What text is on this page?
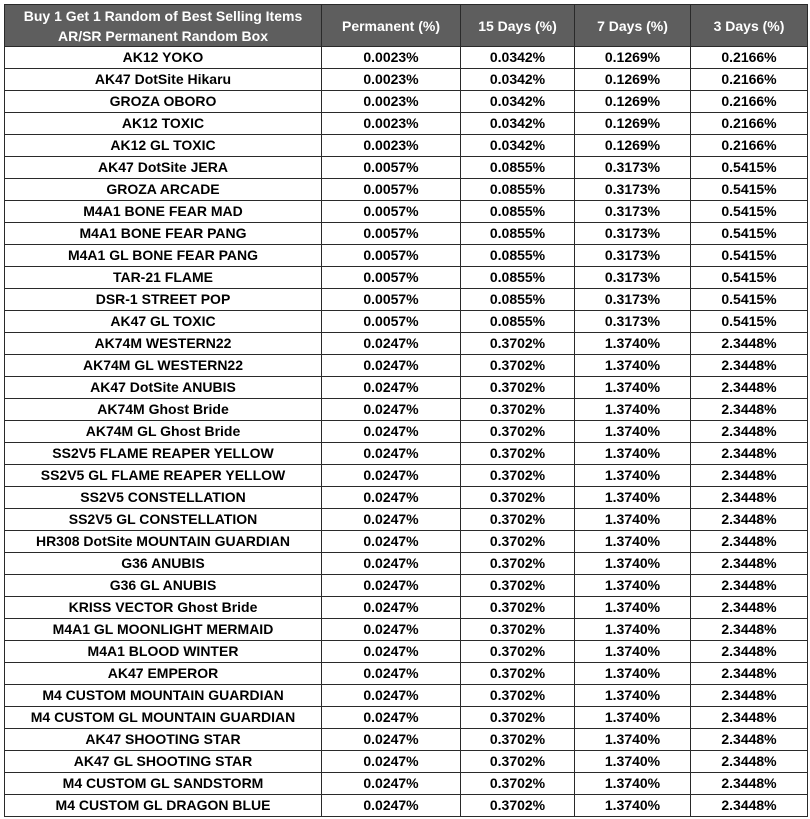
Buy 1 Get 1 Random of Best Selling Items
AR/SR Permanent Random Box	Permanent (%)	15 Days (%)	7 Days (%)	3 Days (%)
AK12 YOKO	0.0023%	0.0342%	0.1269%	0.2166%
AK47 DotSite Hikaru	0.0023%	0.0342%	0.1269%	0.2166%
GROZA OBORO	0.0023%	0.0342%	0.1269%	0.2166%
AK12 TOXIC	0.0023%	0.0342%	0.1269%	0.2166%
AK12 GL TOXIC	0.0023%	0.0342%	0.1269%	0.2166%
AK47 DotSite JERA	0.0057%	0.0855%	0.3173%	0.5415%
GROZA ARCADE	0.0057%	0.0855%	0.3173%	0.5415%
M4A1 BONE FEAR MAD	0.0057%	0.0855%	0.3173%	0.5415%
M4A1 BONE FEAR PANG	0.0057%	0.0855%	0.3173%	0.5415%
M4A1 GL BONE FEAR PANG	0.0057%	0.0855%	0.3173%	0.5415%
TAR-21 FLAME	0.0057%	0.0855%	0.3173%	0.5415%
DSR-1 STREET POP	0.0057%	0.0855%	0.3173%	0.5415%
AK47 GL TOXIC	0.0057%	0.0855%	0.3173%	0.5415%
AK74M WESTERN22	0.0247%	0.3702%	1.3740%	2.3448%
AK74M GL WESTERN22	0.0247%	0.3702%	1.3740%	2.3448%
AK47 DotSite ANUBIS	0.0247%	0.3702%	1.3740%	2.3448%
AK74M Ghost Bride	0.0247%	0.3702%	1.3740%	2.3448%
AK74M GL Ghost Bride	0.0247%	0.3702%	1.3740%	2.3448%
SS2V5 FLAME REAPER YELLOW	0.0247%	0.3702%	1.3740%	2.3448%
SS2V5 GL FLAME REAPER YELLOW	0.0247%	0.3702%	1.3740%	2.3448%
SS2V5 CONSTELLATION	0.0247%	0.3702%	1.3740%	2.3448%
SS2V5 GL CONSTELLATION	0.0247%	0.3702%	1.3740%	2.3448%
HR308 DotSite MOUNTAIN GUARDIAN	0.0247%	0.3702%	1.3740%	2.3448%
G36 ANUBIS	0.0247%	0.3702%	1.3740%	2.3448%
G36 GL ANUBIS	0.0247%	0.3702%	1.3740%	2.3448%
KRISS VECTOR Ghost Bride	0.0247%	0.3702%	1.3740%	2.3448%
M4A1 GL MOONLIGHT MERMAID	0.0247%	0.3702%	1.3740%	2.3448%
M4A1 BLOOD WINTER	0.0247%	0.3702%	1.3740%	2.3448%
AK47 EMPEROR	0.0247%	0.3702%	1.3740%	2.3448%
M4 CUSTOM MOUNTAIN GUARDIAN	0.0247%	0.3702%	1.3740%	2.3448%
M4 CUSTOM GL MOUNTAIN GUARDIAN	0.0247%	0.3702%	1.3740%	2.3448%
AK47 SHOOTING STAR	0.0247%	0.3702%	1.3740%	2.3448%
AK47 GL SHOOTING STAR	0.0247%	0.3702%	1.3740%	2.3448%
M4 CUSTOM GL SANDSTORM	0.0247%	0.3702%	1.3740%	2.3448%
M4 CUSTOM GL DRAGON BLUE	0.0247%	0.3702%	1.3740%	2.3448%
